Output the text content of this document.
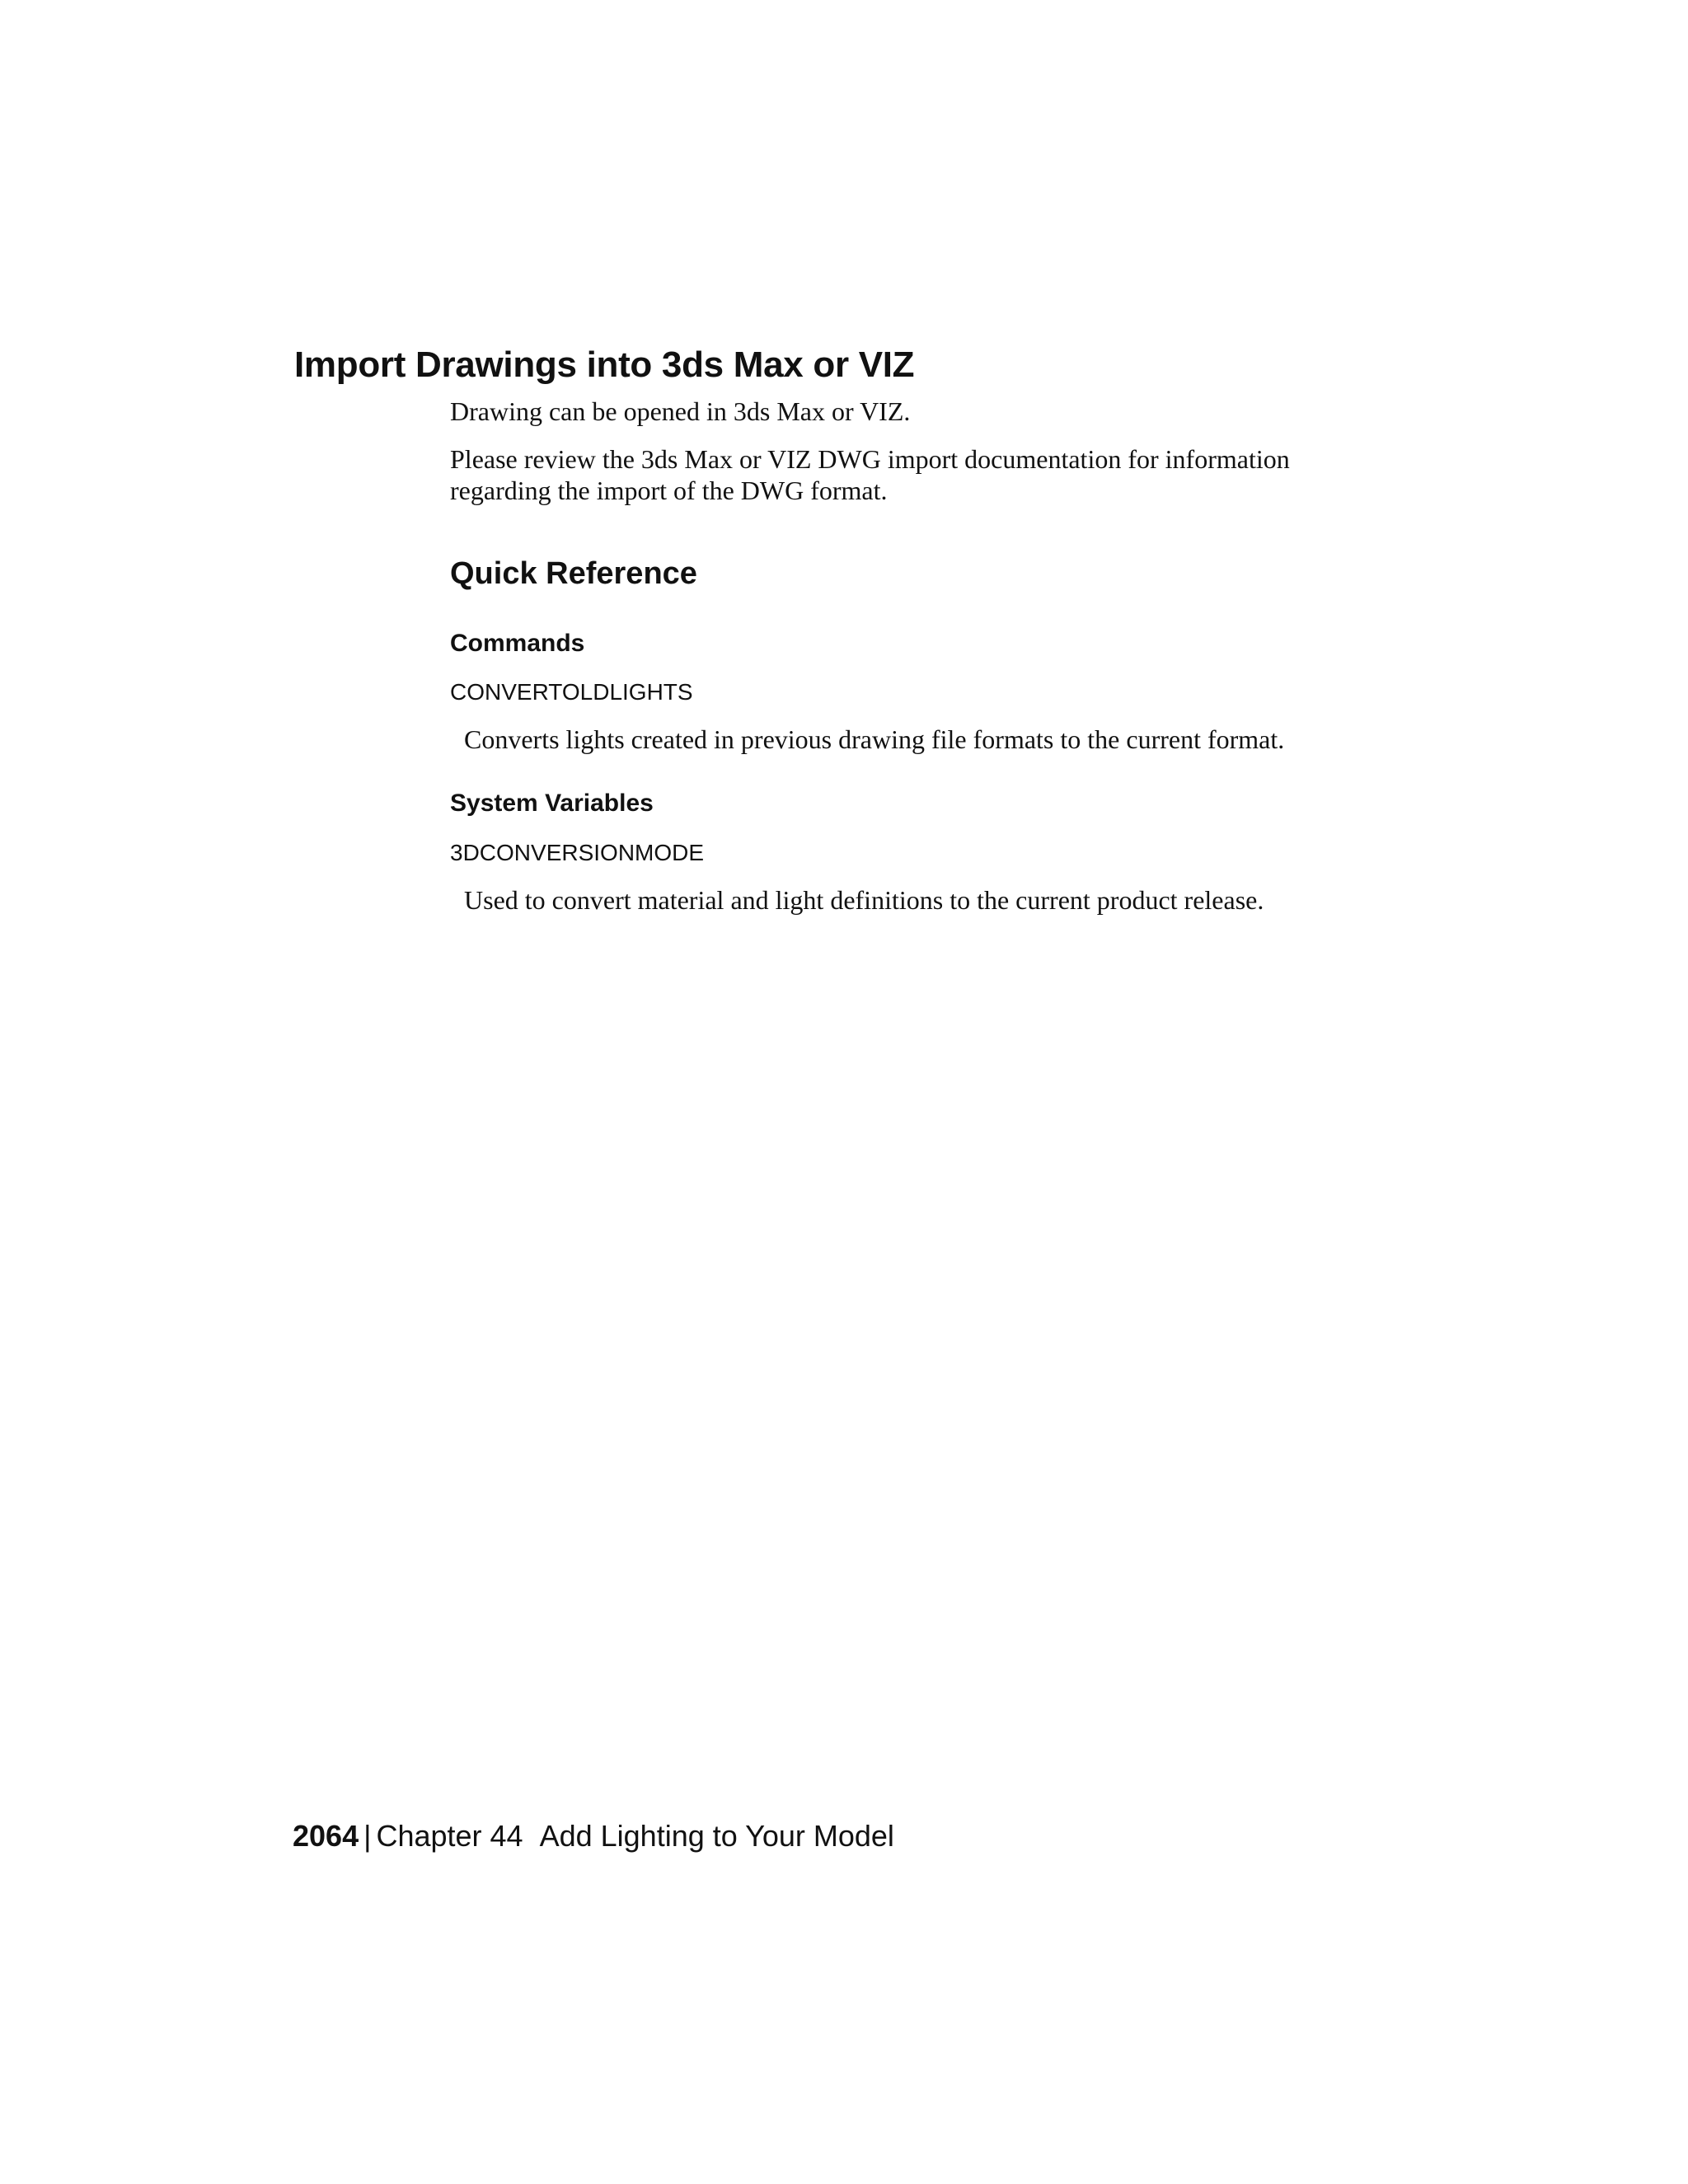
Import Drawings into 3ds Max or VIZ

Drawing can be opened in 3ds Max or VIZ.

Please review the 3ds Max or VIZ DWG import documentation for information
regarding the import of the DWG format.
Quick Reference
Commands

CONVERTOLDLIGHTS

Converts lights created in previous drawing file formats to the current format.

System Variables

3DCONVERSIONMODE

Used to convert material and light definitions to the current product release.

2064 | Chapter 44 Add Lighting to Your Model
